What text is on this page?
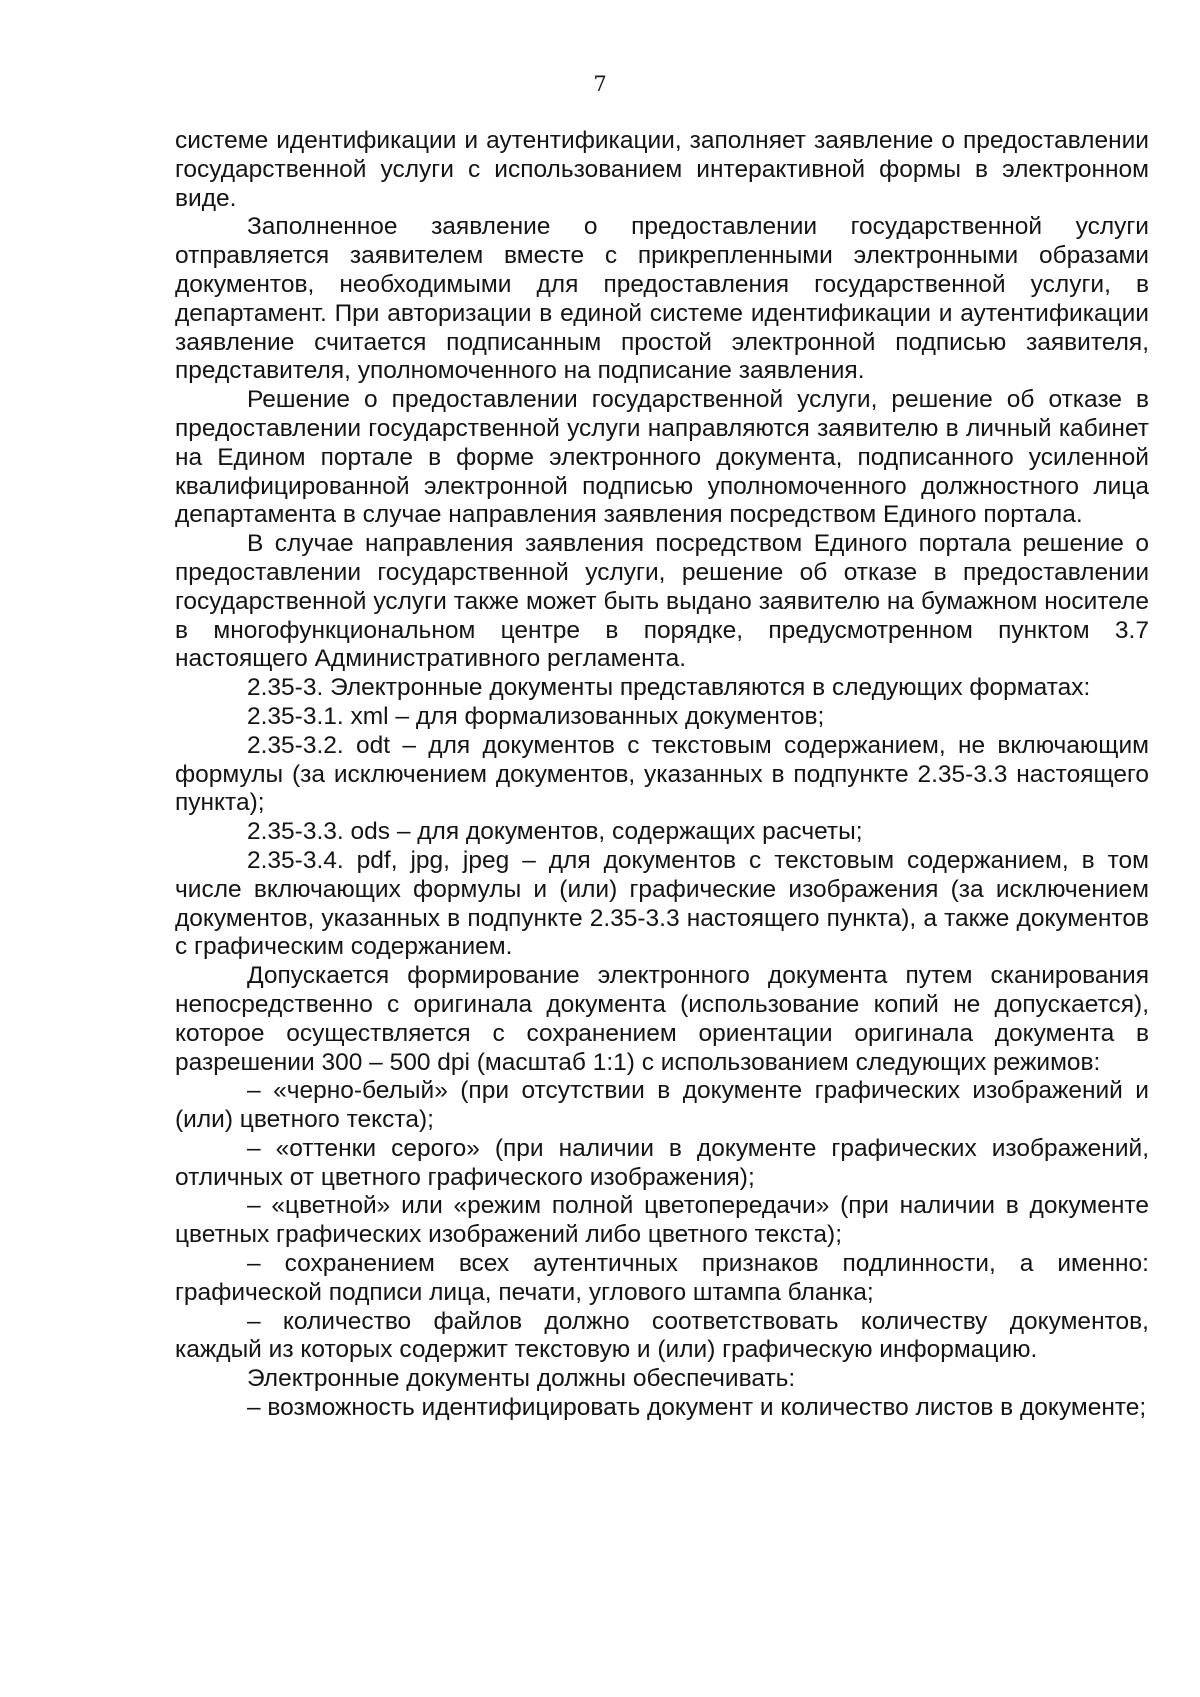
7

системе идентификации и аутентификации, заполняет заявление о предоставлении государственной услуги с использованием интерактивной формы в электронном виде.

Заполненное заявление о предоставлении государственной услуги отправляется заявителем вместе с прикрепленными электронными образами документов, необходимыми для предоставления государственной услуги, в департамент. При авторизации в единой системе идентификации и аутентификации заявление считается подписанным простой электронной подписью заявителя, представителя, уполномоченного на подписание заявления.

Решение о предоставлении государственной услуги, решение об отказе в предоставлении государственной услуги направляются заявителю в личный кабинет на Едином портале в форме электронного документа, подписанного усиленной квалифицированной электронной подписью уполномоченного должностного лица департамента в случае направления заявления посредством Единого портала.

В случае направления заявления посредством Единого портала решение о предоставлении государственной услуги, решение об отказе в предоставлении государственной услуги также может быть выдано заявителю на бумажном носителе в многофункциональном центре в порядке, предусмотренном пунктом 3.7 настоящего Административного регламента.

2.35-3. Электронные документы представляются в следующих форматах:

2.35-3.1. xml – для формализованных документов;

2.35-3.2. odt – для документов с текстовым содержанием, не включающим формулы (за исключением документов, указанных в подпункте 2.35-3.3 настоящего пункта);

2.35-3.3. ods – для документов, содержащих расчеты;

2.35-3.4. pdf, jpg, jpeg – для документов с текстовым содержанием, в том числе включающих формулы и (или) графические изображения (за исключением документов, указанных в подпункте 2.35-3.3 настоящего пункта), а также документов с графическим содержанием.

Допускается формирование электронного документа путем сканирования непосредственно с оригинала документа (использование копий не допускается), которое осуществляется с сохранением ориентации оригинала документа в разрешении 300 – 500 dpi (масштаб 1:1) с использованием следующих режимов:

– «черно-белый» (при отсутствии в документе графических изображений и (или) цветного текста);

– «оттенки серого» (при наличии в документе графических изображений, отличных от цветного графического изображения);

– «цветной» или «режим полной цветопередачи» (при наличии в документе цветных графических изображений либо цветного текста);

– сохранением всех аутентичных признаков подлинности, а именно: графической подписи лица, печати, углового штампа бланка;

– количество файлов должно соответствовать количеству документов, каждый из которых содержит текстовую и (или) графическую информацию.

Электронные документы должны обеспечивать:

– возможность идентифицировать документ и количество листов в документе;
